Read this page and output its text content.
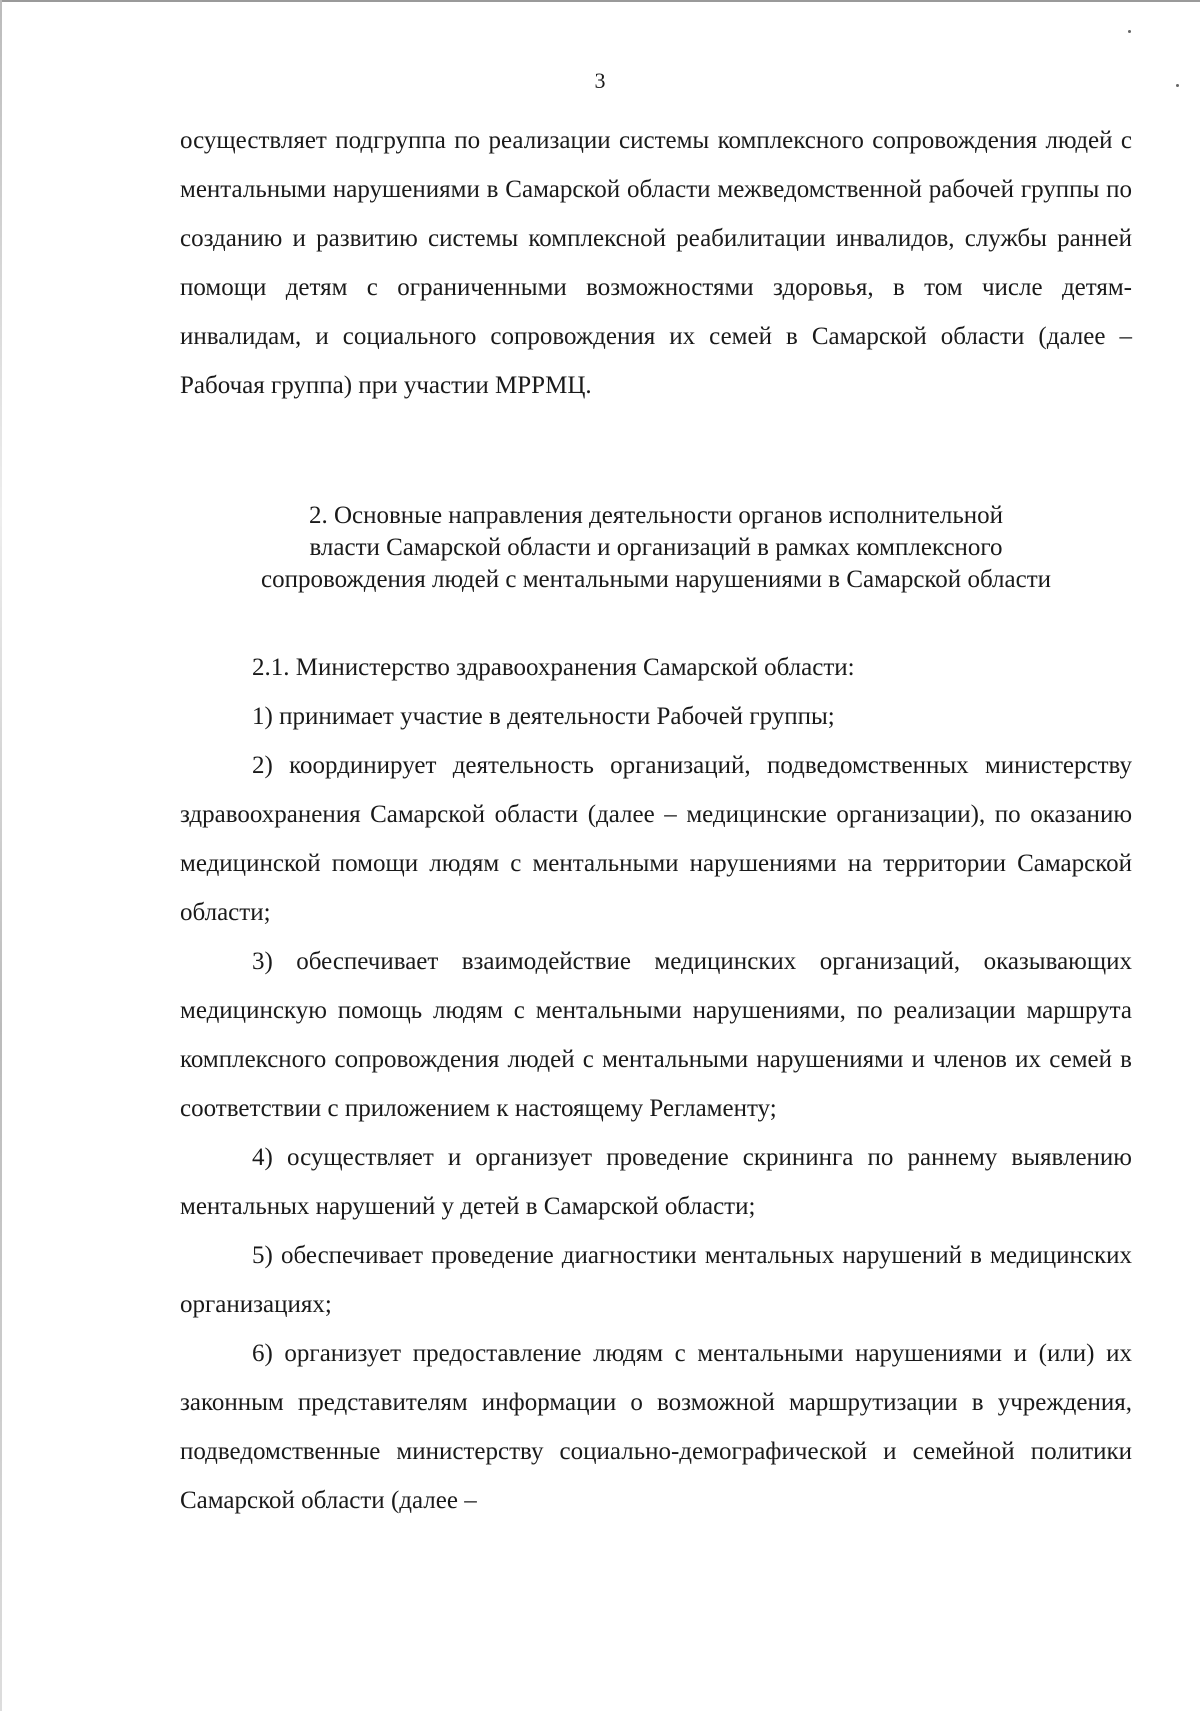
3

осуществляет подгруппа по реализации системы комплексного сопровождения людей с ментальными нарушениями в Самарской области межведомственной рабочей группы по созданию и развитию системы комплексной реабилитации инвалидов, службы ранней помощи детям с ограниченными возможностями здоровья, в том числе детям-инвалидам, и социального сопровождения их семей в Самарской области (далее – Рабочая группа) при участии МРРМЦ.

2. Основные направления деятельности органов исполнительной
власти Самарской области и организаций в рамках комплексного
сопровождения людей с ментальными нарушениями в Самарской области

2.1. Министерство здравоохранения Самарской области:

1) принимает участие в деятельности Рабочей группы;

2) координирует деятельность организаций, подведомственных министерству здравоохранения Самарской области (далее – медицинские организации), по оказанию медицинской помощи людям с ментальными нарушениями на территории Самарской области;

3) обеспечивает взаимодействие медицинских организаций, оказывающих медицинскую помощь людям с ментальными нарушениями, по реализации маршрута комплексного сопровождения людей с ментальными нарушениями и членов их семей в соответствии с приложением к настоящему Регламенту;

4) осуществляет и организует проведение скрининга по раннему выявлению ментальных нарушений у детей в Самарской области;

5) обеспечивает проведение диагностики ментальных нарушений в медицинских организациях;

6) организует предоставление людям с ментальными нарушениями и (или) их законным представителям информации о возможной маршрутизации в учреждения, подведомственные министерству социально-демографической и семейной политики Самарской области (далее –
